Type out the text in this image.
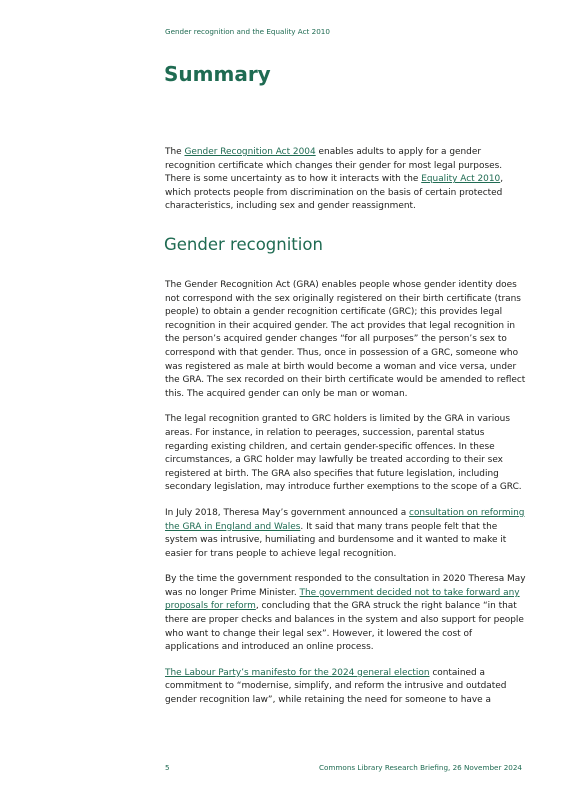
Gender recognition and the Equality Act 2010
Summary

The Gender Recognition Act 2004 enables adults to apply for a gender recognition certificate which changes their gender for most legal purposes. There is some uncertainty as to how it interacts with the Equality Act 2010, which protects people from discrimination on the basis of certain protected characteristics, including sex and gender reassignment.

Gender recognition

The Gender Recognition Act (GRA) enables people whose gender identity does not correspond with the sex originally registered on their birth certificate (trans people) to obtain a gender recognition certificate (GRC); this provides legal recognition in their acquired gender. The act provides that legal recognition in the person’s acquired gender changes “for all purposes” the person’s sex to correspond with that gender. Thus, once in possession of a GRC, someone who was registered as male at birth would become a woman and vice versa, under the GRA. The sex recorded on their birth certificate would be amended to reflect this. The acquired gender can only be man or woman.

The legal recognition granted to GRC holders is limited by the GRA in various areas. For instance, in relation to peerages, succession, parental status regarding existing children, and certain gender-specific offences. In these circumstances, a GRC holder may lawfully be treated according to their sex registered at birth. The GRA also specifies that future legislation, including secondary legislation, may introduce further exemptions to the scope of a GRC.

In July 2018, Theresa May’s government announced a consultation on reforming the GRA in England and Wales. It said that many trans people felt that the system was intrusive, humiliating and burdensome and it wanted to make it easier for trans people to achieve legal recognition.

By the time the government responded to the consultation in 2020 Theresa May was no longer Prime Minister. The government decided not to take forward any proposals for reform, concluding that the GRA struck the right balance “in that there are proper checks and balances in the system and also support for people who want to change their legal sex”. However, it lowered the cost of applications and introduced an online process.

The Labour Party’s manifesto for the 2024 general election contained a commitment to “modernise, simplify, and reform the intrusive and outdated gender recognition law”, while retaining the need for someone to have a

5	Commons Library Research Briefing, 26 November 2024
